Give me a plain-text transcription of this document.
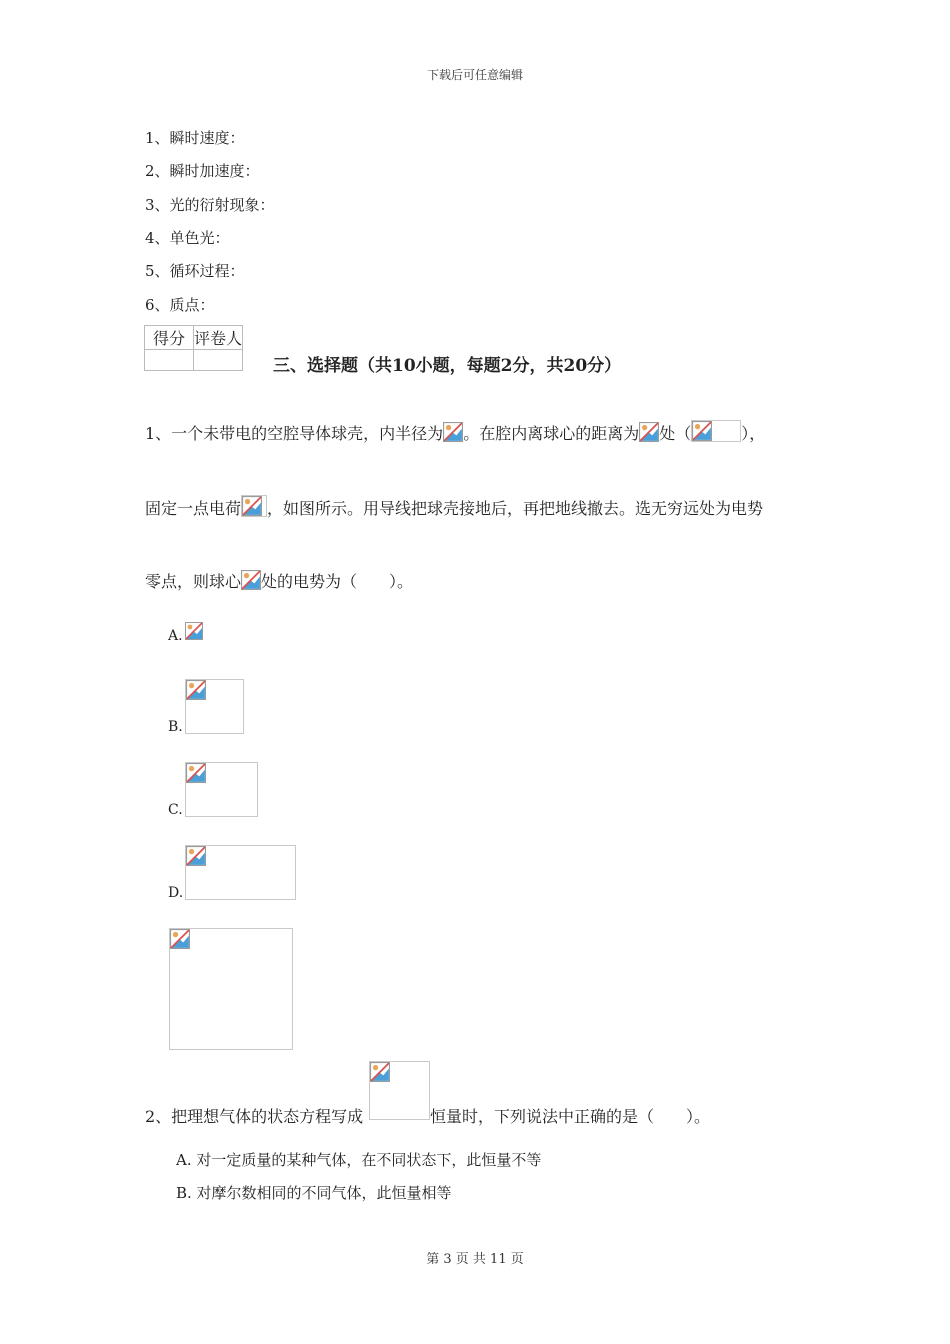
下载后可任意编辑
1、瞬时速度：
2、瞬时加速度：
3、光的衍射现象：
4、单色光：
5、循环过程：
6、质点：
得分	评卷人

三、选择题（共10小题，每题2分，共20分）
1、一个未带电的空腔导体球壳，内半径为 。在腔内离球心的距离为 处（	），
固定一点电荷 ，如图所示。用导线把球壳接地后，再把地线撤去。选无穷远处为电势
零点，则球心 处的电势为（　　）。
A.
B.
C.
D.
2、把理想气体的状态方程写成	恒量时，下列说法中正确的是（　　）。
A. 对一定质量的某种气体，在不同状态下，此恒量不等
B. 对摩尔数相同的不同气体，此恒量相等
第 3 页 共 11 页
